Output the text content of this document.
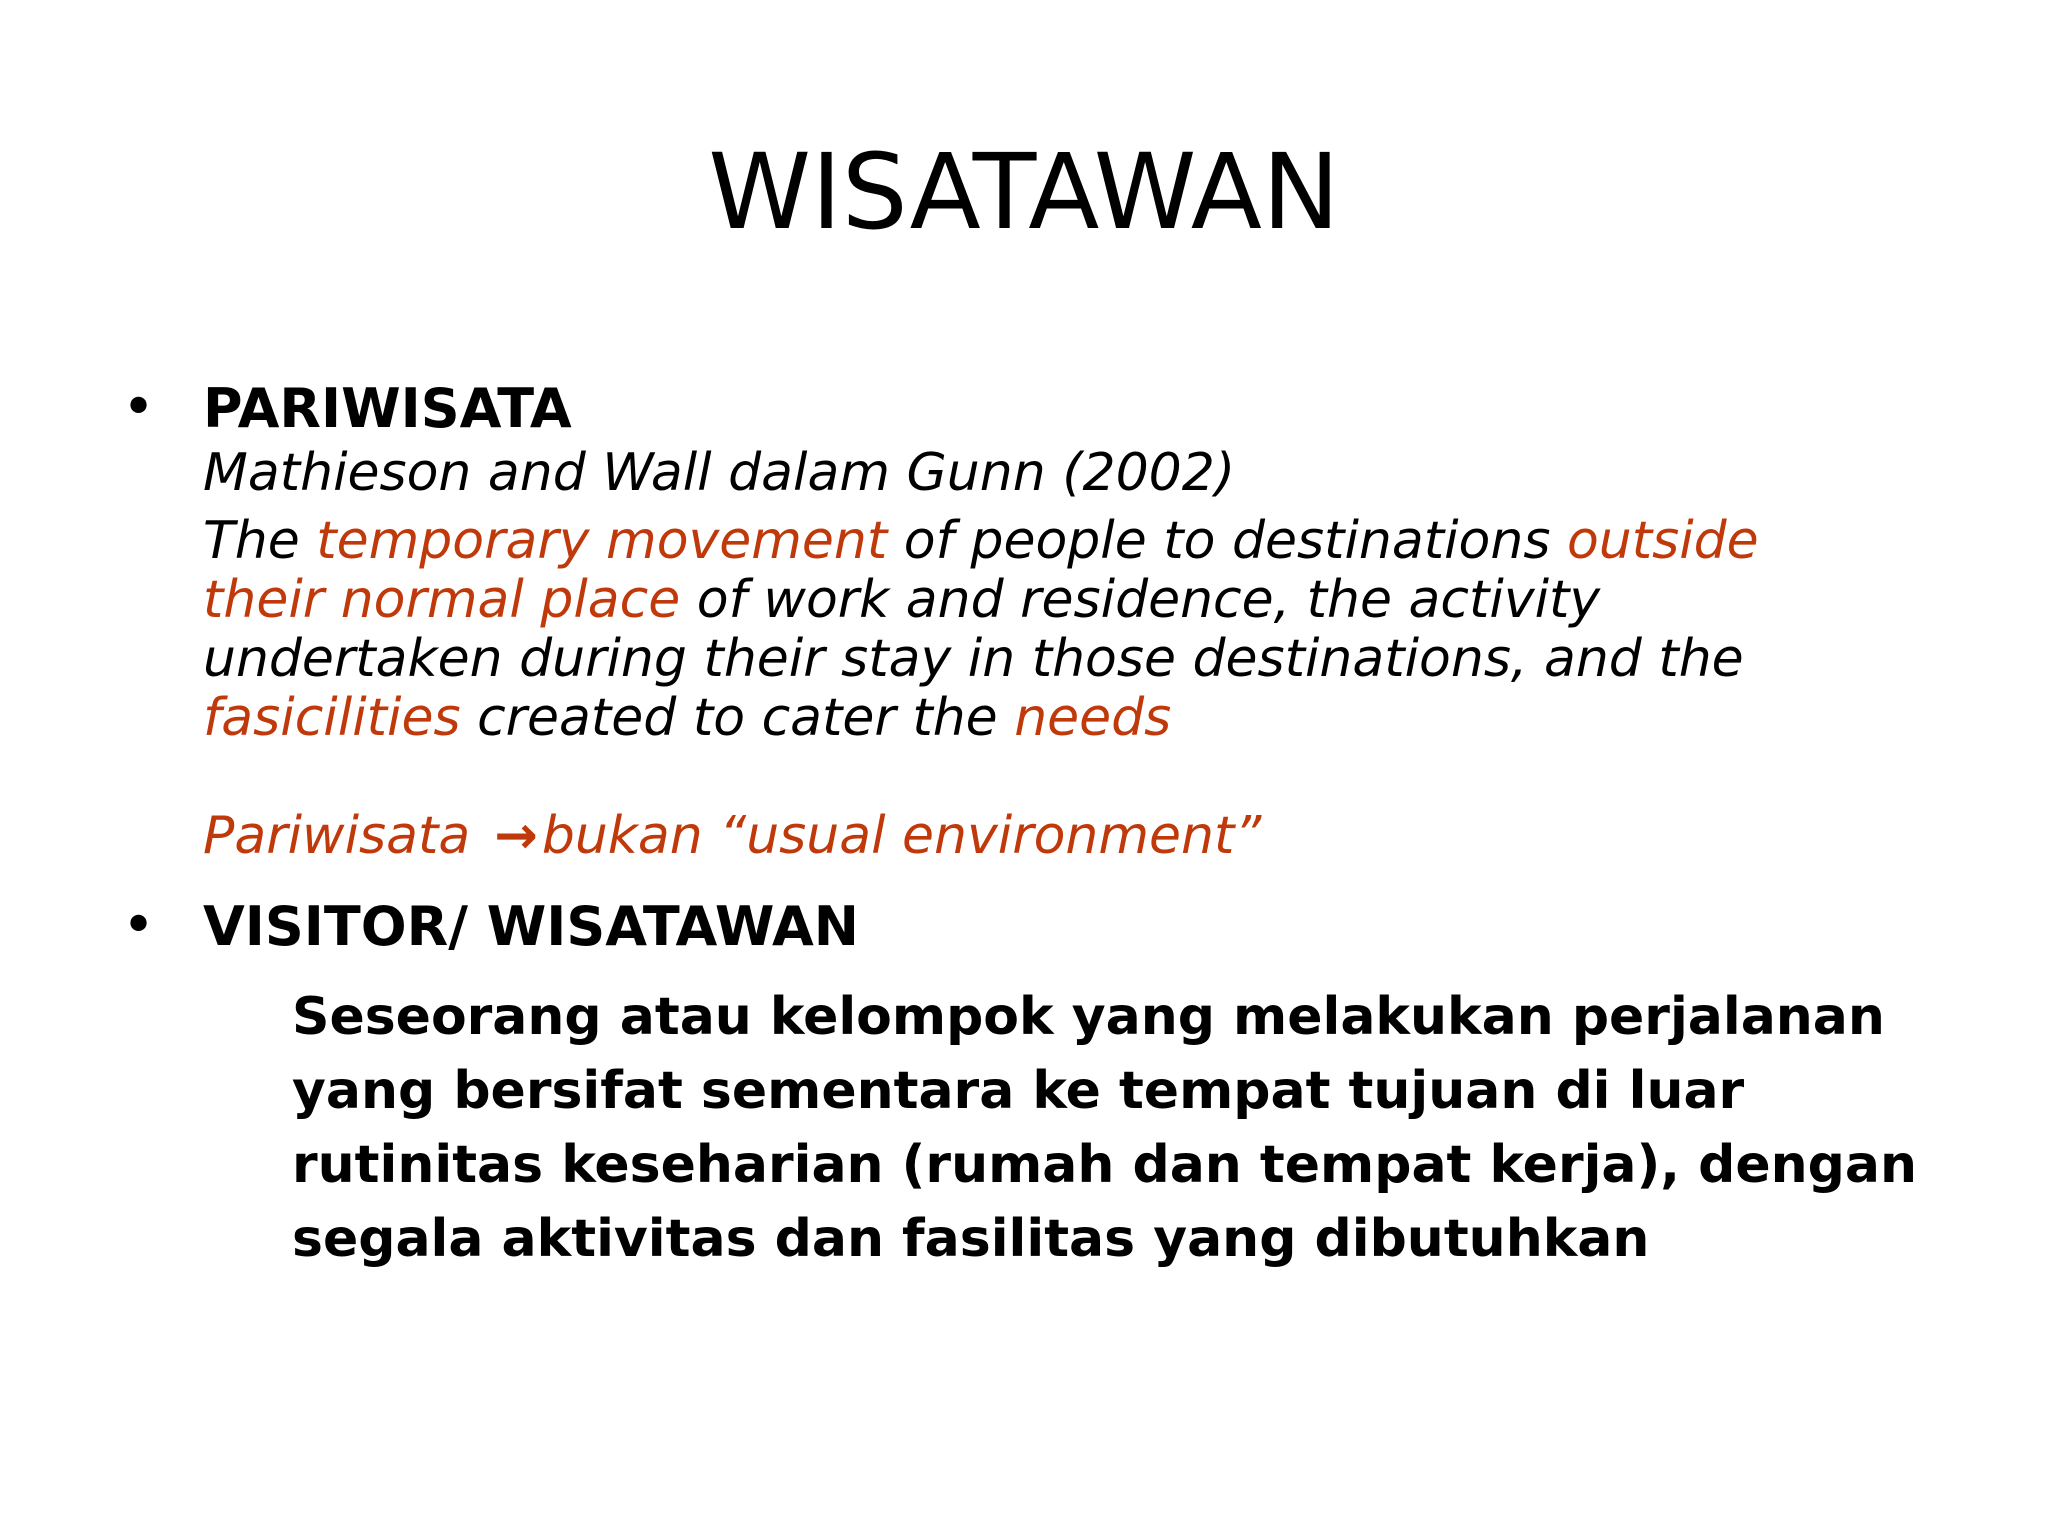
WISATAWAN
• PARIWISATA
Mathieson and Wall dalam Gunn (2002)
The temporary movement of people to destinations outside
their normal place of work and residence, the activity
undertaken during their stay in those destinations, and the
fasicilities created to cater the needs
Pariwisata →bukan “usual environment”
• VISITOR/ WISATAWAN
Seseorang atau kelompok yang melakukan perjalanan
yang bersifat sementara ke tempat tujuan di luar
rutinitas keseharian (rumah dan tempat kerja), dengan
segala aktivitas dan fasilitas yang dibutuhkan
